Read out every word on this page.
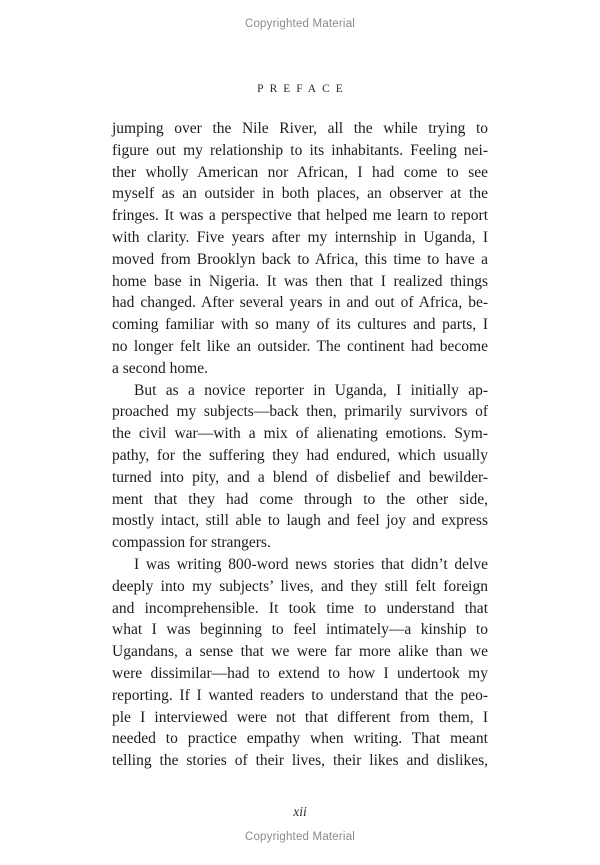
Copyrighted Material
PREFACE
jumping over the Nile River, all the while trying to
figure out my relationship to its inhabitants. Feeling nei-
ther wholly American nor African, I had come to see
myself as an outsider in both places, an observer at the
fringes. It was a perspective that helped me learn to report
with clarity. Five years after my internship in Uganda, I
moved from Brooklyn back to Africa, this time to have a
home base in Nigeria. It was then that I realized things
had changed. After several years in and out of Africa, be-
coming familiar with so many of its cultures and parts, I
no longer felt like an outsider. The continent had become
a second home.
But as a novice reporter in Uganda, I initially ap-
proached my subjects—back then, primarily survivors of
the civil war—with a mix of alienating emotions. Sym-
pathy, for the suffering they had endured, which usually
turned into pity, and a blend of disbelief and bewilder-
ment that they had come through to the other side,
mostly intact, still able to laugh and feel joy and express
compassion for strangers.
I was writing 800-word news stories that didn’t delve
deeply into my subjects’ lives, and they still felt foreign
and incomprehensible. It took time to understand that
what I was beginning to feel intimately—a kinship to
Ugandans, a sense that we were far more alike than we
were dissimilar—had to extend to how I undertook my
reporting. If I wanted readers to understand that the peo-
ple I interviewed were not that different from them, I
needed to practice empathy when writing. That meant
telling the stories of their lives, their likes and dislikes,
xii
Copyrighted Material
